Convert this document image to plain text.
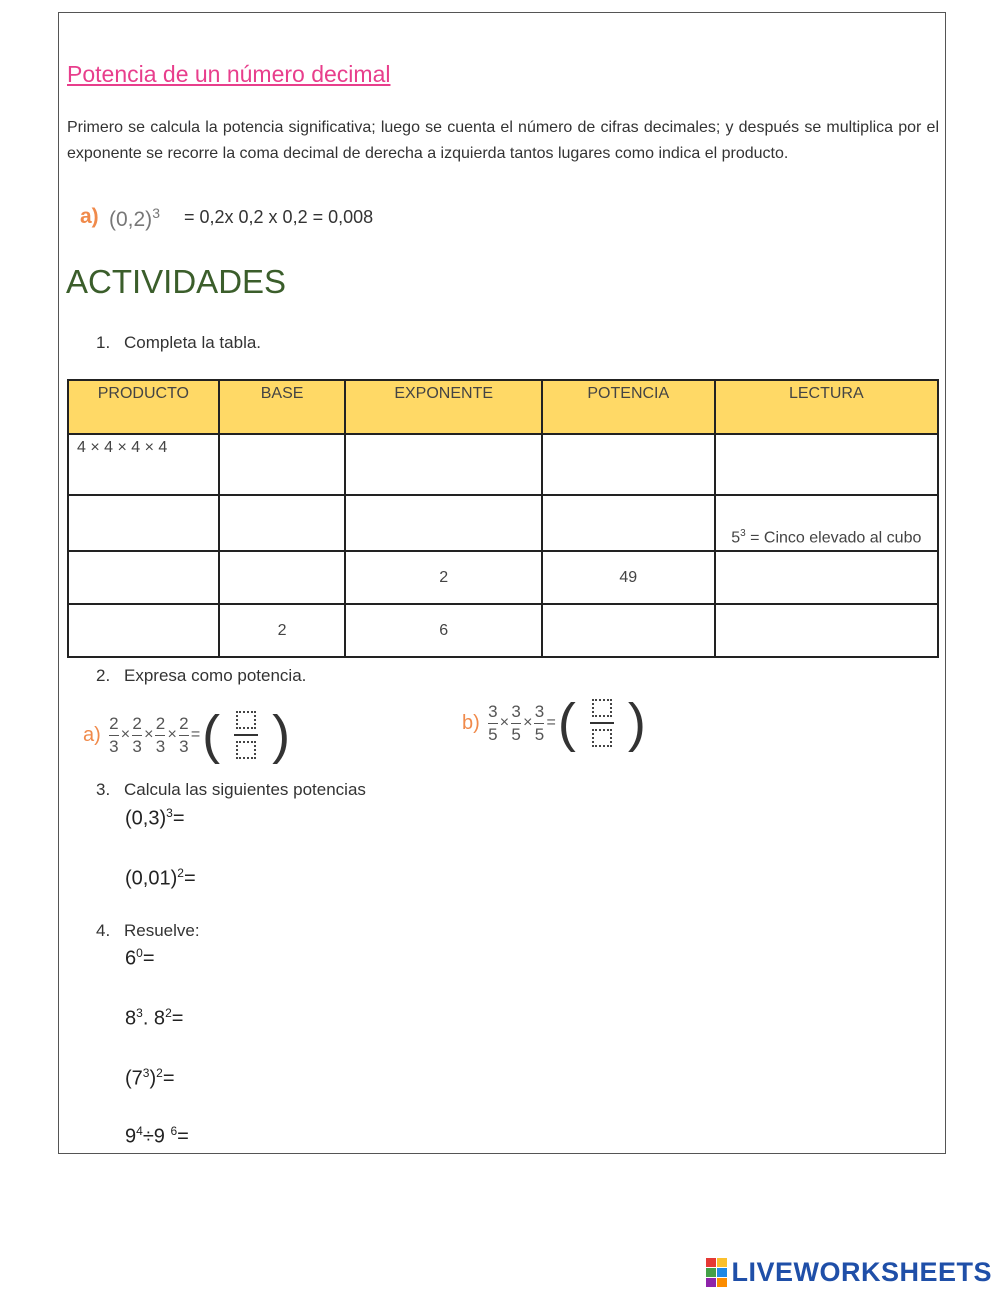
Potencia de un número decimal
Primero se calcula la potencia significativa; luego se cuenta el número de cifras decimales; y después se multiplica por el exponente se recorre la coma decimal de derecha a izquierda tantos lugares como indica el producto.
a) $(0,2)^3 = 0,2x$ 0,2 x 0,2 = 0,008
ACTIVIDADES
1. Completa la tabla.
PRODUCTO	BASE	EXPONENTE	POTENCIA	LECTURA
4 × 4 × 4 × 4				
				$5^3$ = Cinco elevado al cubo
		2	49	
	2	6		
2. Expresa como potencia.
$a) \frac{2}{3} \times \frac{2}{3} \times \frac{2}{3} \times \frac{2}{3}$ = ( )	$b) \frac{3}{5} \times \frac{3}{5} \times \frac{3}{5}$ = ( )
3. Calcula las siguientes potencias
$(0,3)^3=$
$(0,01)^2=$
4. Resuelve:
$6^0=$
$8^3$. $8^2=$
$(7^3)^2=$
$9^4\div 9$ $^6$=
LIVEWORKSHEETS
